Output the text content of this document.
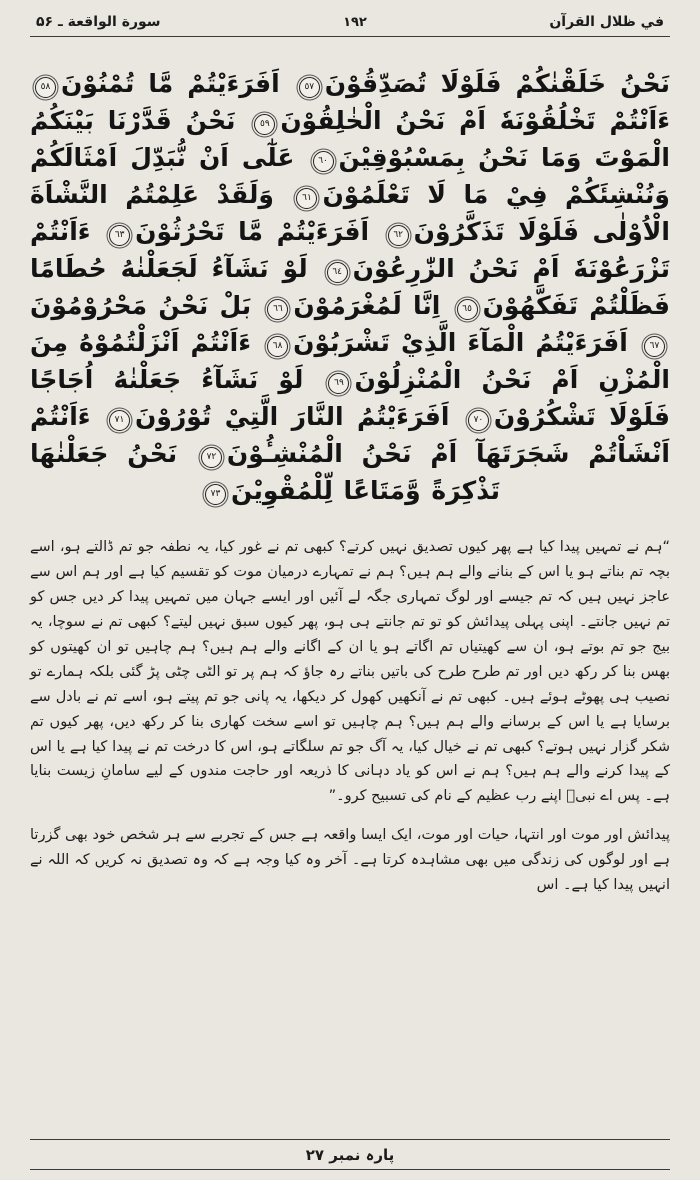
في ظلال القرآن
١٩٢
سورة الواقعة ـ ۵۶
نَحْنُ خَلَقْنٰكُمْ فَلَوْلَا تُصَدِّقُوْنَ٥٧ اَفَرَءَيْتُمْ مَّا تُمْنُوْنَ٥٨ ءَاَنْتُمْ تَخْلُقُوْنَهٗ اَمْ نَحْنُ الْخٰلِقُوْنَ٥٩ نَحْنُ قَدَّرْنَا بَيْنَكُمُ الْمَوْتَ وَمَا نَحْنُ بِمَسْبُوْقِيْنَ٦٠ عَلٰٓى اَنْ نُّبَدِّلَ اَمْثَالَكُمْ وَنُنْشِئَكُمْ فِيْ مَا لَا تَعْلَمُوْنَ٦١ وَلَقَدْ عَلِمْتُمُ النَّشْاَةَ الْاُوْلٰى فَلَوْلَا تَذَكَّرُوْنَ٦٢ اَفَرَءَيْتُمْ مَّا تَحْرُثُوْنَ٦٣ ءَاَنْتُمْ تَزْرَعُوْنَهٗ اَمْ نَحْنُ الزّٰرِعُوْنَ٦٤ لَوْ نَشَآءُ لَجَعَلْنٰهُ حُطَامًا فَظَلْتُمْ تَفَكَّهُوْنَ٦٥ اِنَّا لَمُغْرَمُوْنَ٦٦ بَلْ نَحْنُ مَحْرُوْمُوْنَ٦٧ اَفَرَءَيْتُمُ الْمَآءَ الَّذِيْ تَشْرَبُوْنَ٦٨ ءَاَنْتُمْ اَنْزَلْتُمُوْهُ مِنَ الْمُزْنِ اَمْ نَحْنُ الْمُنْزِلُوْنَ٦٩ لَوْ نَشَآءُ جَعَلْنٰهُ اُجَاجًا فَلَوْلَا تَشْكُرُوْنَ٧٠ اَفَرَءَيْتُمُ النَّارَ الَّتِيْ تُوْرُوْنَ٧١ ءَاَنْتُمْ اَنْشَاْتُمْ شَجَرَتَهَآ اَمْ نَحْنُ الْمُنْشِـُٔوْنَ٧٢ نَحْنُ جَعَلْنٰهَا تَذْكِرَةً وَّمَتَاعًا لِّلْمُقْوِيْنَ٧٣

“ہم نے تمہیں پیدا کیا ہے پھر کیوں تصدیق نہیں کرتے؟ کبھی تم نے غور کیا، یہ نطفہ جو تم ڈالتے ہو، اسے بچہ تم بناتے ہو یا اس کے بنانے والے ہم ہیں؟ ہم نے تمہارے درمیان موت کو تقسیم کیا ہے اور ہم اس سے عاجز نہیں ہیں کہ تم جیسے اور لوگ تمہاری جگہ لے آئیں اور ایسے جہان میں تمہیں پیدا کر دیں جس کو تم نہیں جانتے۔ اپنی پہلی پیدائش کو تو تم جانتے ہی ہو، پھر کیوں سبق نہیں لیتے؟ کبھی تم نے سوچا، یہ بیج جو تم بوتے ہو، ان سے کھیتیاں تم اگاتے ہو یا ان کے اگانے والے ہم ہیں؟ ہم چاہیں تو ان کھیتوں کو بھس بنا کر رکھ دیں اور تم طرح طرح کی باتیں بناتے رہ جاؤ کہ ہم پر تو الٹی چٹی پڑ گئی بلکہ ہمارے تو نصیب ہی پھوٹے ہوئے ہیں۔ کبھی تم نے آنکھیں کھول کر دیکھا، یہ پانی جو تم پیتے ہو، اسے تم نے بادل سے برسایا ہے یا اس کے برسانے والے ہم ہیں؟ ہم چاہیں تو اسے سخت کھاری بنا کر رکھ دیں، پھر کیوں تم شکر گزار نہیں ہوتے؟ کبھی تم نے خیال کیا، یہ آگ جو تم سلگاتے ہو، اس کا درخت تم نے پیدا کیا ہے یا اس کے پیدا کرنے والے ہم ہیں؟ ہم نے اس کو یاد دہانی کا ذریعہ اور حاجت مندوں کے لیے سامانِ زیست بنایا ہے۔ پس اے نبیؐ اپنے رب عظیم کے نام کی تسبیح کرو۔”

پیدائش اور موت اور انتہا، حیات اور موت، ایک ایسا واقعہ ہے جس کے تجربے سے ہر شخص خود بھی گزرتا ہے اور لوگوں کی زندگی میں بھی مشاہدہ کرتا ہے۔ آخر وہ کیا وجہ ہے کہ وہ تصدیق نہ کریں کہ اللہ نے انہیں پیدا کیا ہے۔ اس

پارہ نمبر ۲۷
